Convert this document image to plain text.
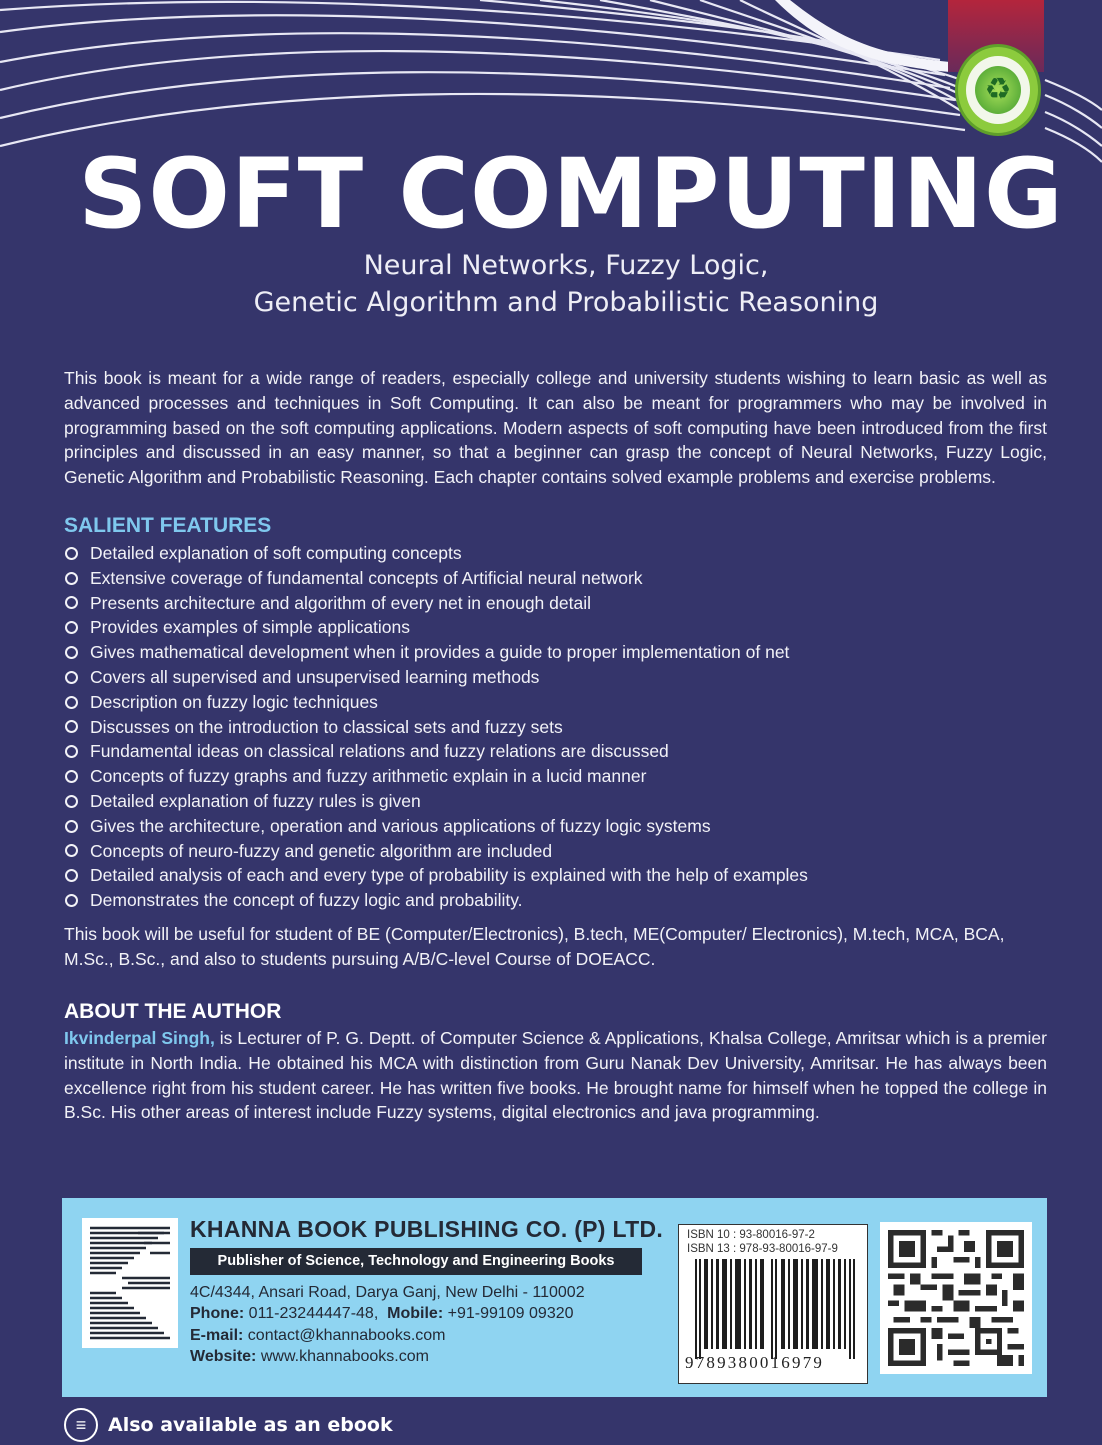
♻
SOFT COMPUTING
Neural Networks, Fuzzy Logic,
Genetic Algorithm and Probabilistic Reasoning
This book is meant for a wide range of readers, especially college and university students wishing to learn basic as well as advanced processes and techniques in Soft Computing. It can also be meant for programmers who may be involved in programming based on the soft computing applications. Modern aspects of soft computing have been introduced from the first principles and discussed in an easy manner, so that a beginner can grasp the concept of Neural Networks, Fuzzy Logic, Genetic Algorithm and Probabilistic Reasoning. Each chapter contains solved example problems and exercise problems.
SALIENT FEATURES
Detailed explanation of soft computing concepts
Extensive coverage of fundamental concepts of Artificial neural network
Presents architecture and algorithm of every net in enough detail
Provides examples of simple applications
Gives mathematical development when it provides a guide to proper implementation of net
Covers all supervised and unsupervised learning methods
Description on fuzzy logic techniques
Discusses on the introduction to classical sets and fuzzy sets
Fundamental ideas on classical relations and fuzzy relations are discussed
Concepts of fuzzy graphs and fuzzy arithmetic explain in a lucid manner
Detailed explanation of fuzzy rules is given
Gives the architecture, operation and various applications of fuzzy logic systems
Concepts of neuro-fuzzy and genetic algorithm are included
Detailed analysis of each and every type of probability is explained with the help of examples
Demonstrates the concept of fuzzy logic and probability.
This book will be useful for student of BE (Computer/Electronics), B.tech, ME(Computer/ Electronics), M.tech, MCA, BCA, M.Sc., B.Sc., and also to students pursuing A/B/C-level Course of DOEACC.
ABOUT THE AUTHOR
Ikvinderpal Singh, is Lecturer of P. G. Deptt. of Computer Science & Applications, Khalsa College, Amritsar which is a premier institute in North India. He obtained his MCA with distinction from Guru Nanak Dev University, Amritsar. He has always been excellence right from his student career. He has written five books. He brought name for himself when he topped the college in B.Sc. His other areas of interest include Fuzzy systems, digital electronics and java programming.
KHANNA BOOK PUBLISHING CO. (P) LTD.
Publisher of Science, Technology and Engineering Books
4C/4344, Ansari Road, Darya Ganj, New Delhi - 110002
Phone: 011-23244447-48, Mobile: +91-99109 09320
E-mail: contact@khannabooks.com
Website: www.khannabooks.com
ISBN 10 : 93-80016-97-2
ISBN 13 : 978-93-80016-97-9
9789380016979
≡	Also available as an ebook
